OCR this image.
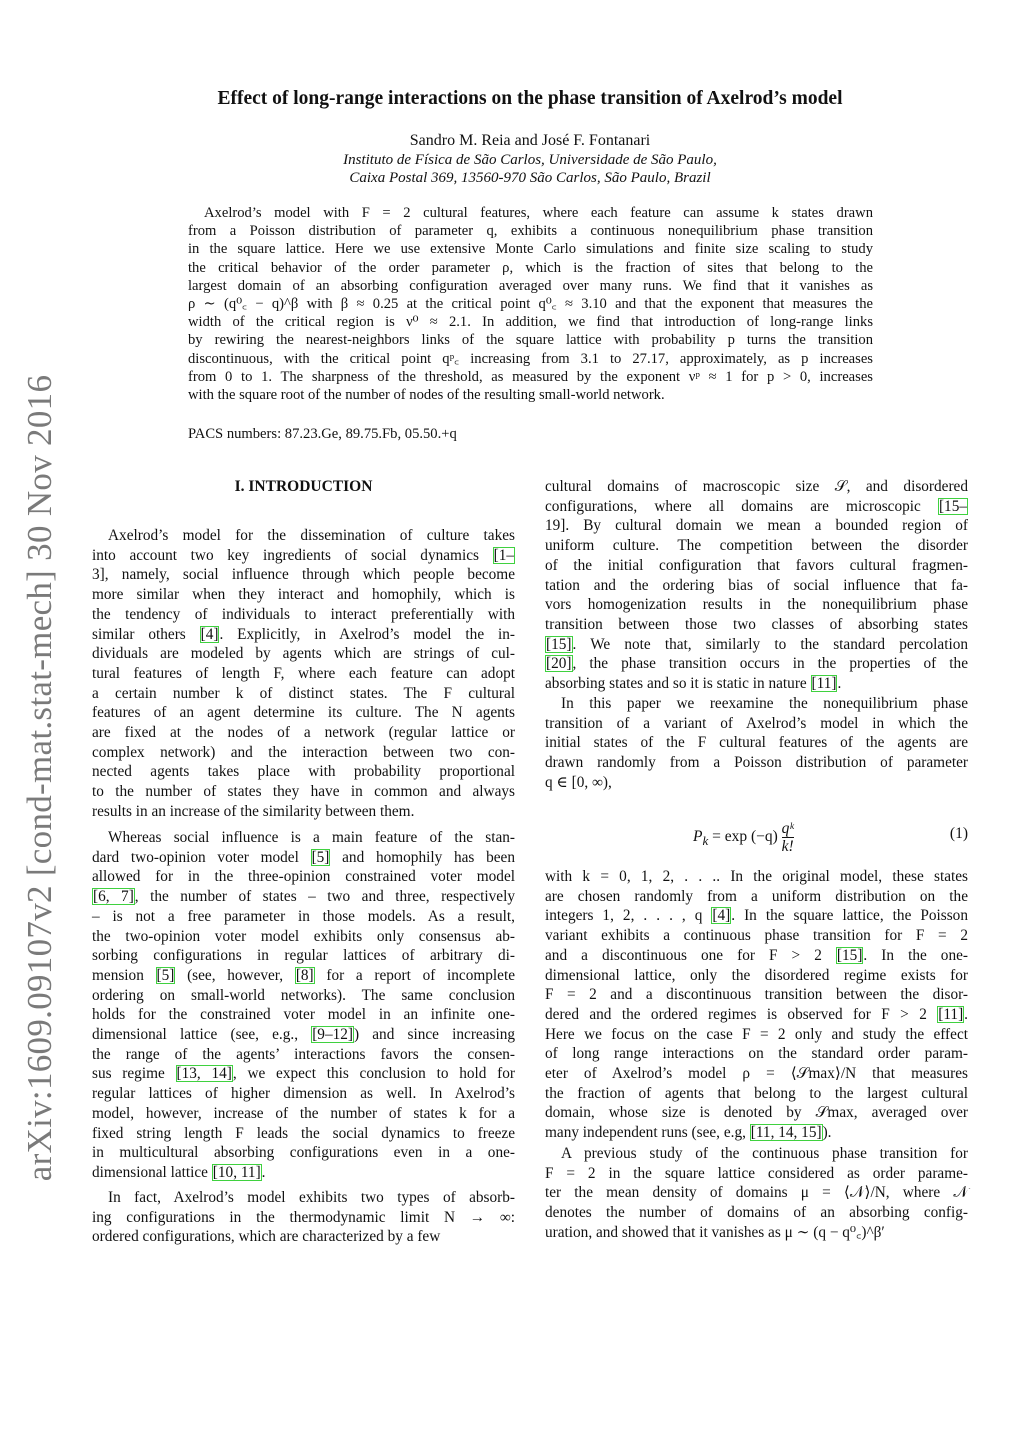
arXiv:1609.09107v2 [cond-mat.stat-mech] 30 Nov 2016
Effect of long-range interactions on the phase transition of Axelrod’s model
Sandro M. Reia and José F. Fontanari
Instituto de Física de São Carlos, Universidade de São Paulo,
Caixa Postal 369, 13560-970 São Carlos, São Paulo, Brazil
Axelrod’s model with F = 2 cultural features, where each feature can assume k states drawn
from a Poisson distribution of parameter q, exhibits a continuous nonequilibrium phase transition
in the square lattice. Here we use extensive Monte Carlo simulations and finite size scaling to study
the critical behavior of the order parameter ρ, which is the fraction of sites that belong to the
largest domain of an absorbing configuration averaged over many runs. We find that it vanishes as
ρ ∼ (q⁰꜀ − q)^β with β ≈ 0.25 at the critical point q⁰꜀ ≈ 3.10 and that the exponent that measures the
width of the critical region is ν⁰ ≈ 2.1. In addition, we find that introduction of long-range links
by rewiring the nearest-neighbors links of the square lattice with probability p turns the transition
discontinuous, with the critical point qᵖ꜀ increasing from 3.1 to 27.17, approximately, as p increases
from 0 to 1. The sharpness of the threshold, as measured by the exponent νᵖ ≈ 1 for p > 0, increases
with the square root of the number of nodes of the resulting small-world network.
PACS numbers: 87.23.Ge, 89.75.Fb, 05.50.+q
I. INTRODUCTION
Axelrod’s model for the dissemination of culture takes
into account two key ingredients of social dynamics [1–
3], namely, social influence through which people become
more similar when they interact and homophily, which is
the tendency of individuals to interact preferentially with
similar others [4]. Explicitly, in Axelrod’s model the in-
dividuals are modeled by agents which are strings of cul-
tural features of length F, where each feature can adopt
a certain number k of distinct states. The F cultural
features of an agent determine its culture. The N agents
are fixed at the nodes of a network (regular lattice or
complex network) and the interaction between two con-
nected agents takes place with probability proportional
to the number of states they have in common and always
results in an increase of the similarity between them.
Whereas social influence is a main feature of the stan-
dard two-opinion voter model [5] and homophily has been
allowed for in the three-opinion constrained voter model
[6, 7], the number of states – two and three, respectively
– is not a free parameter in those models. As a result,
the two-opinion voter model exhibits only consensus ab-
sorbing configurations in regular lattices of arbitrary di-
mension [5] (see, however, [8] for a report of incomplete
ordering on small-world networks). The same conclusion
holds for the constrained voter model in an infinite one-
dimensional lattice (see, e.g., [9–12]) and since increasing
the range of the agents’ interactions favors the consen-
sus regime [13, 14], we expect this conclusion to hold for
regular lattices of higher dimension as well. In Axelrod’s
model, however, increase of the number of states k for a
fixed string length F leads the social dynamics to freeze
in multicultural absorbing configurations even in a one-
dimensional lattice [10, 11].
In fact, Axelrod’s model exhibits two types of absorb-
ing configurations in the thermodynamic limit N → ∞:
ordered configurations, which are characterized by a few
cultural domains of macroscopic size 𝒮, and disordered
configurations, where all domains are microscopic [15–
19]. By cultural domain we mean a bounded region of
uniform culture. The competition between the disorder
of the initial configuration that favors cultural fragmen-
tation and the ordering bias of social influence that fa-
vors homogenization results in the nonequilibrium phase
transition between those two classes of absorbing states
[15]. We note that, similarly to the standard percolation
[20], the phase transition occurs in the properties of the
absorbing states and so it is static in nature [11].
In this paper we reexamine the nonequilibrium phase
transition of a variant of Axelrod’s model in which the
initial states of the F cultural features of the agents are
drawn randomly from a Poisson distribution of parameter
q ∈ [0, ∞),
$P_k = \exp (-q) \frac{\text{qᵏ}}{k!}$	(1)
with k = 0, 1, 2, . . .. In the original model, these states
are chosen randomly from a uniform distribution on the
integers 1, 2, . . . , q [4]. In the square lattice, the Poisson
variant exhibits a continuous phase transition for F = 2
and a discontinuous one for F > 2 [15]. In the one-
dimensional lattice, only the disordered regime exists for
F = 2 and a discontinuous transition between the disor-
dered and the ordered regimes is observed for F > 2 [11].
Here we focus on the case F = 2 only and study the effect
of long range interactions on the standard order param-
eter of Axelrod’s model ρ = ⟨𝒮max⟩/N that measures
the fraction of agents that belong to the largest cultural
domain, whose size is denoted by 𝒮max, averaged over
many independent runs (see, e.g, [11, 14, 15]).
A previous study of the continuous phase transition for
F = 2 in the square lattice considered as order parame-
ter the mean density of domains μ = ⟨𝒩⟩/N, where 𝒩
denotes the number of domains of an absorbing config-
uration, and showed that it vanishes as μ ∼ (q − q⁰꜀)^β′
